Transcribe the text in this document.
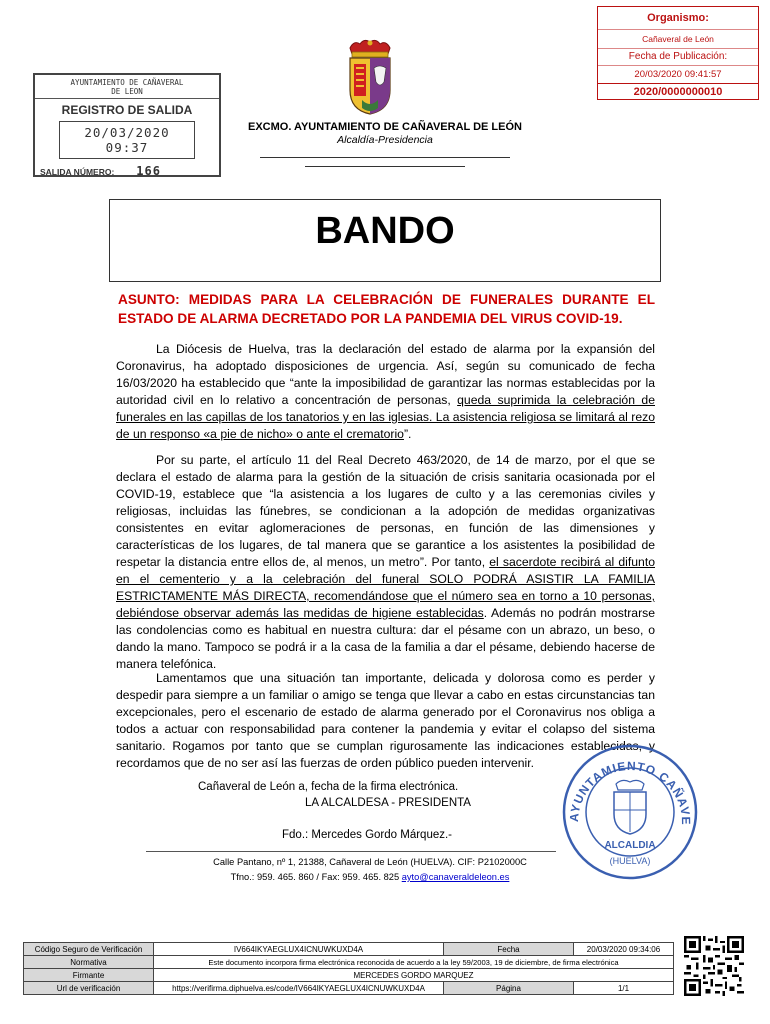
Organismo:
Cañaveral de León
Fecha de Publicación:
20/03/2020 09:41:57
2020/0000000010
AYUNTAMIENTO DE CAÑAVERAL
DE LEON
REGISTRO DE SALIDA
20/03/2020 09:37
SALIDA NÚMERO: 166
EXCMO. AYUNTAMIENTO DE CAÑAVERAL DE LEÓN
Alcaldía-Presidencia
BANDO
ASUNTO: MEDIDAS PARA LA CELEBRACIÓN DE FUNERALES DURANTE EL ESTADO DE ALARMA DECRETADO POR LA PANDEMIA DEL VIRUS COVID-19.

La Diócesis de Huelva, tras la declaración del estado de alarma por la expansión del Coronavirus, ha adoptado disposiciones de urgencia. Así, según su comunicado de fecha 16/03/2020 ha establecido que “ante la imposibilidad de garantizar las normas establecidas por la autoridad civil en lo relativo a concentración de personas, queda suprimida la celebración de funerales en las capillas de los tanatorios y en las iglesias. La asistencia religiosa se limitará al rezo de un responso «a pie de nicho» o ante el crematorio”.

Por su parte, el artículo 11 del Real Decreto 463/2020, de 14 de marzo, por el que se declara el estado de alarma para la gestión de la situación de crisis sanitaria ocasionada por el COVID-19, establece que “la asistencia a los lugares de culto y a las ceremonias civiles y religiosas, incluidas las fúnebres, se condicionan a la adopción de medidas organizativas consistentes en evitar aglomeraciones de personas, en función de las dimensiones y características de los lugares, de tal manera que se garantice a los asistentes la posibilidad de respetar la distancia entre ellos de, al menos, un metro”. Por tanto, el sacerdote recibirá al difunto en el cementerio y a la celebración del funeral SOLO PODRÁ ASISTIR LA FAMILIA ESTRICTAMENTE MÁS DIRECTA, recomendándose que el número sea en torno a 10 personas, debiéndose observar además las medidas de higiene establecidas. Además no podrán mostrarse las condolencias como es habitual en nuestra cultura: dar el pésame con un abrazo, un beso, o dando la mano. Tampoco se podrá ir a la casa de la familia a dar el pésame, debiendo hacerse de manera telefónica.

Lamentamos que una situación tan importante, delicada y dolorosa como es perder y despedir para siempre a un familiar o amigo se tenga que llevar a cabo en estas circunstancias tan excepcionales, pero el escenario de estado de alarma generado por el Coronavirus nos obliga a todos a actuar con responsabilidad para contener la pandemia y evitar el colapso del sistema sanitario. Rogamos por tanto que se cumplan rigurosamente las indicaciones establecidas, y recordamos que de no ser así las fuerzas de orden público pueden intervenir.

Cañaveral de León a, fecha de la firma electrónica.
LA ALCALDESA - PRESIDENTA
Fdo.: Mercedes Gordo Márquez.-
Calle Pantano, nº 1, 21388, Cañaveral de León (HUELVA). CIF: P2102000C
Tfno.: 959. 465. 860 / Fax: 959. 465. 825 ayto@canaveraldeleon.es
AYUNTAMIENTO CAÑAVE
ALCALDIA
(HUELVA)
Código Seguro de Verificación	IV664IKYAEGLUX4ICNUWKUXD4A	Fecha	20/03/2020 09:34:06
Normativa	Este documento incorpora firma electrónica reconocida de acuerdo a la ley 59/2003, 19 de diciembre, de firma electrónica		
Firmante	MERCEDES GORDO MARQUEZ		
Url de verificación	https://verifirma.diphuelva.es/code/IV664IKYAEGLUX4ICNUWKUXD4A	Página	1/1
